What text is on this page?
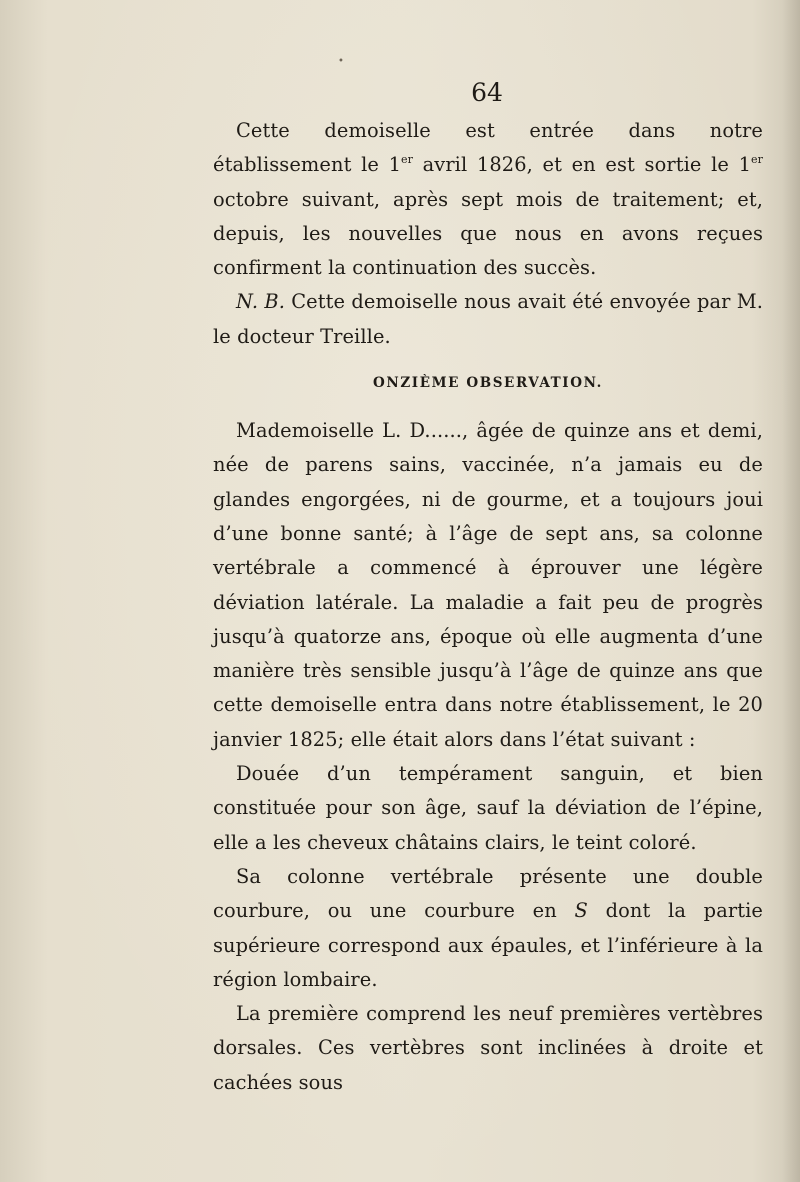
•
64

Cette demoiselle est entrée dans notre établissement le 1er avril 1826, et en est sortie le 1er octobre suivant, après sept mois de traitement; et, depuis, les nouvelles que nous en avons reçues confirment la continuation des succès.

N. B. Cette demoiselle nous avait été envoyée par M. le docteur Treille.

ONZIÈME OBSERVATION.

Mademoiselle L. D......, âgée de quinze ans et demi, née de parens sains, vaccinée, n’a jamais eu de glandes engorgées, ni de gourme, et a toujours joui d’une bonne santé; à l’âge de sept ans, sa colonne vertébrale a commencé à éprouver une légère déviation latérale. La maladie a fait peu de progrès jusqu’à quatorze ans, époque où elle augmenta d’une manière très sensible jusqu’à l’âge de quinze ans que cette demoiselle entra dans notre établissement, le 20 janvier 1825; elle était alors dans l’état suivant :

Douée d’un tempérament sanguin, et bien constituée pour son âge, sauf la déviation de l’épine, elle a les cheveux châtains clairs, le teint coloré.

Sa colonne vertébrale présente une double courbure, ou une courbure en S dont la partie supérieure correspond aux épaules, et l’inférieure à la région lombaire.

La première comprend les neuf premières vertèbres dorsales. Ces vertèbres sont inclinées à droite et cachées sous
